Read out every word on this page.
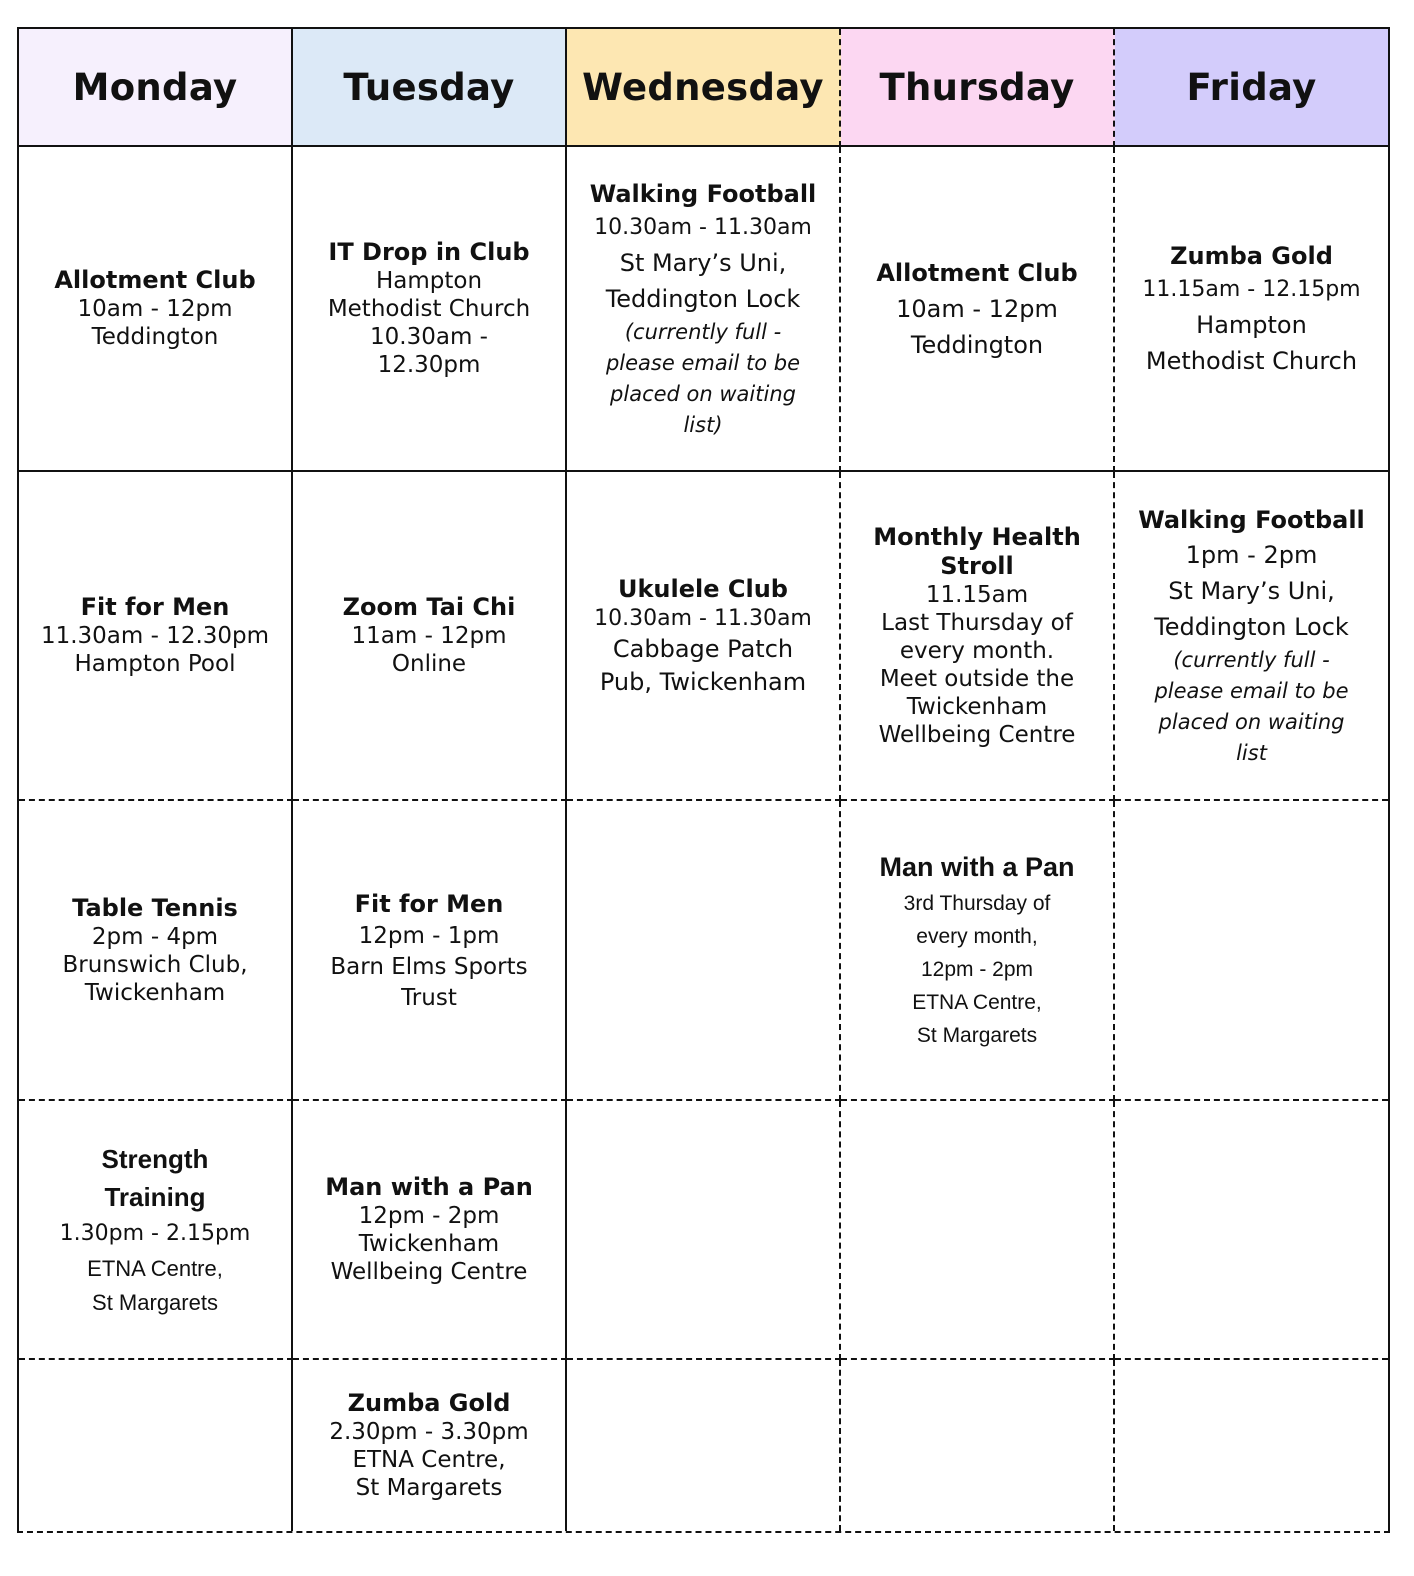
Monday	Tuesday Wednesday Thursday	Friday
Allotment Club
10am - 12pm
Teddington
IT Drop in Club
Hampton
Methodist Church
10.30am -
12.30pm
Walking Football
10.30am - 11.30am
St Mary’s Uni,
Teddington Lock
(currently full -
please email to be
placed on waiting
list)
Allotment Club
10am - 12pm
Teddington
Zumba Gold
11.15am - 12.15pm
Hampton
Methodist Church
Fit for Men
11.30am - 12.30pm
Hampton Pool
Zoom Tai Chi
11am - 12pm
Online
Ukulele Club
10.30am - 11.30am
Cabbage Patch
Pub, Twickenham
Monthly Health
Stroll
11.15am
Last Thursday of
every month.
Meet outside the
Twickenham
Wellbeing Centre
Walking Football
1pm - 2pm
St Mary’s Uni,
Teddington Lock
(currently full -
please email to be
placed on waiting
list
Table Tennis
2pm - 4pm
Brunswich Club,
Twickenham
Fit for Men
12pm - 1pm
Barn Elms Sports
Trust
Man with a Pan
3rd Thursday of
every month,
12pm - 2pm
ETNA Centre,
St Margarets
Strength
Training
1.30pm - 2.15pm
ETNA Centre,
St Margarets
Man with a Pan
12pm - 2pm
Twickenham
Wellbeing Centre
Zumba Gold
2.30pm - 3.30pm
ETNA Centre,
St Margarets
